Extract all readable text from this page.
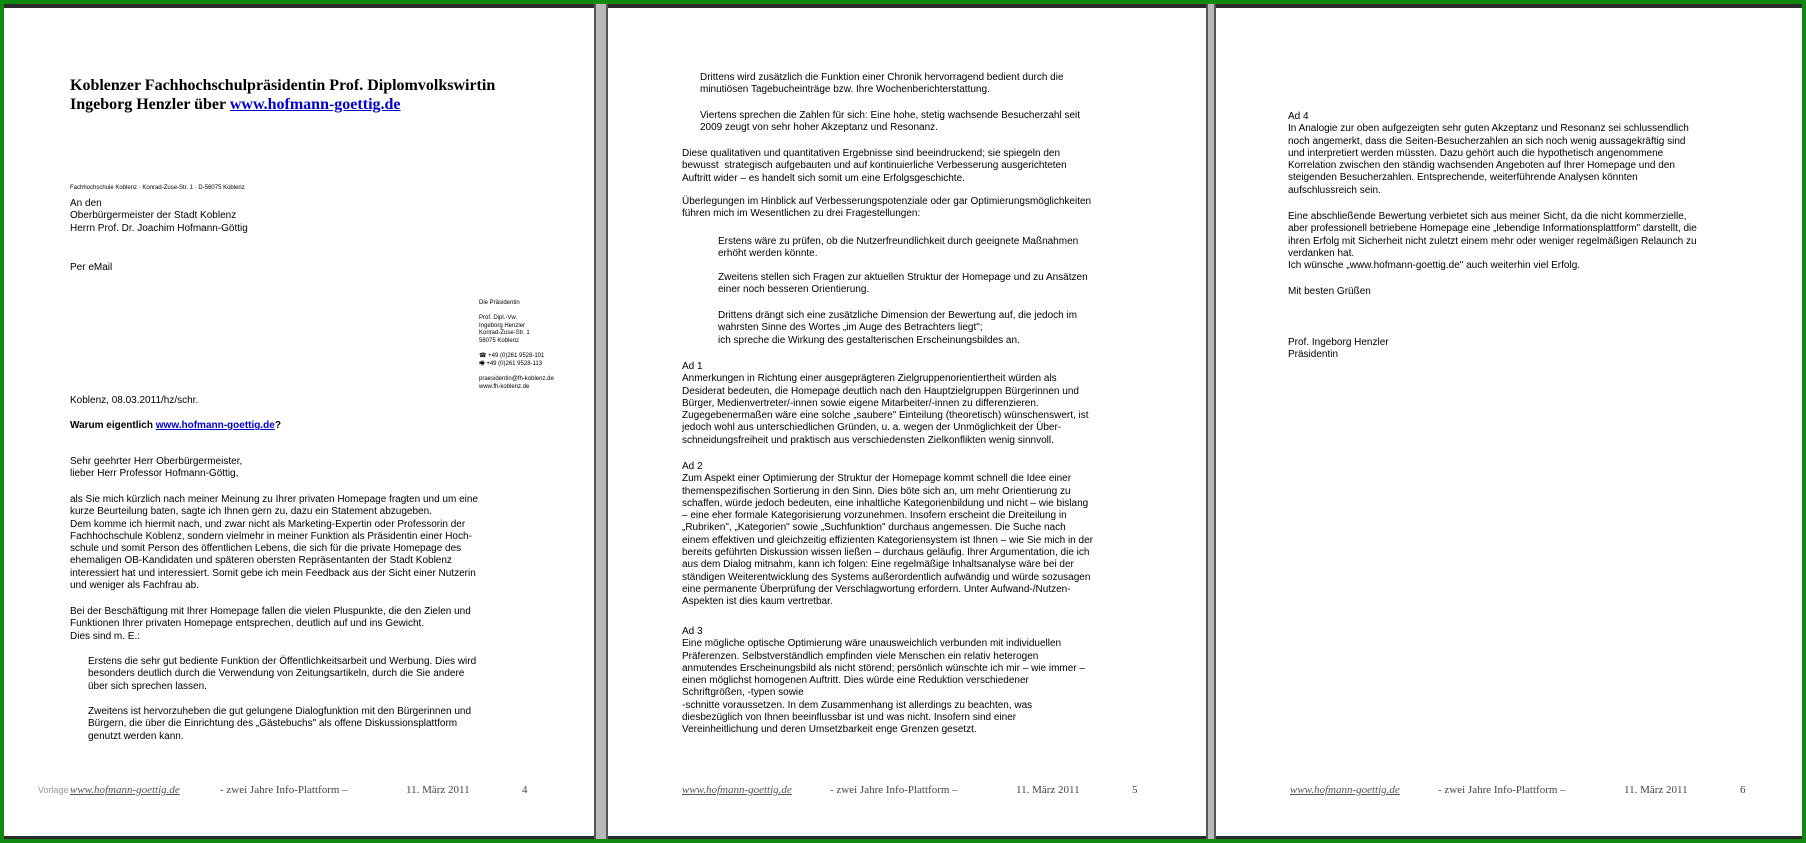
Koblenzer Fachhochschulpräsidentin Prof. Diplomvolkswirtin Ingeborg Henzler über www.hofmann-goettig.de
Fachhochschule Koblenz · Konrad-Zuse-Str. 1 · D-56075 Koblenz
An den
Oberbürgermeister der Stadt Koblenz
Herrn Prof. Dr. Joachim Hofmann-Göttig
Per eMail
Die Präsidentin

Prof. Dipl.-Vw.
Ingeborg Henzler
Konrad-Zuse-Str. 1
56075 Koblenz

☎ +49 (0)261 9528-101
🖷 +49 (0)261 9528-113

praesidentin@fh-koblenz.de
www.fh-koblenz.de
Koblenz, 08.03.2011/hz/schr.
Warum eigentlich www.hofmann-goettig.de?
Sehr geehrter Herr Oberbürgermeister,
lieber Herr Professor Hofmann-Göttig,
als Sie mich kürzlich nach meiner Meinung zu Ihrer privaten Homepage fragten und um eine
kurze Beurteilung baten, sagte ich Ihnen gern zu, dazu ein Statement abzugeben.
Dem komme ich hiermit nach, und zwar nicht als Marketing-Expertin oder Professorin der
Fachhochschule Koblenz, sondern vielmehr in meiner Funktion als Präsidentin einer Hoch-
schule und somit Person des öffentlichen Lebens, die sich für die private Homepage des
ehemaligen OB-Kandidaten und späteren obersten Repräsentanten der Stadt Koblenz
interessiert hat und interessiert. Somit gebe ich mein Feedback aus der Sicht einer Nutzerin
und weniger als Fachfrau ab.
Bei der Beschäftigung mit Ihrer Homepage fallen die vielen Pluspunkte, die den Zielen und
Funktionen Ihrer privaten Homepage entsprechen, deutlich auf und ins Gewicht.
Dies sind m. E.:
Erstens die sehr gut bediente Funktion der Öffentlichkeitsarbeit und Werbung. Dies wird
besonders deutlich durch die Verwendung von Zeitungsartikeln, durch die Sie andere
über sich sprechen lassen.
Zweitens ist hervorzuheben die gut gelungene Dialogfunktion mit den Bürgerinnen und
Bürgern, die über die Einrichtung des „Gästebuchs" als offene Diskussionsplattform
genutzt werden kann.
Vorlage www.hofmann-goettig.de	- zwei Jahre Info-Plattform –	11. März 2011	4
Drittens wird zusätzlich die Funktion einer Chronik hervorragend bedient durch die
minutiösen Tagebucheinträge bzw. Ihre Wochenberichterstattung.
Viertens sprechen die Zahlen für sich: Eine hohe, stetig wachsende Besucherzahl seit
2009 zeugt von sehr hoher Akzeptanz und Resonanz.
Diese qualitativen und quantitativen Ergebnisse sind beeindruckend; sie spiegeln den
bewusst  strategisch aufgebauten und auf kontinuierliche Verbesserung ausgerichteten
Auftritt wider – es handelt sich somit um eine Erfolgsgeschichte.
Überlegungen im Hinblick auf Verbesserungspotenziale oder gar Optimierungsmöglichkeiten
führen mich im Wesentlichen zu drei Fragestellungen:
Erstens wäre zu prüfen, ob die Nutzerfreundlichkeit durch geeignete Maßnahmen
erhöht werden könnte.
Zweitens stellen sich Fragen zur aktuellen Struktur der Homepage und zu Ansätzen
einer noch besseren Orientierung.
Drittens drängt sich eine zusätzliche Dimension der Bewertung auf, die jedoch im
wahrsten Sinne des Wortes „im Auge des Betrachters liegt";
ich spreche die Wirkung des gestalterischen Erscheinungsbildes an.
Ad 1
Anmerkungen in Richtung einer ausgeprägteren Zielgruppenorientiertheit würden als
Desiderat bedeuten, die Homepage deutlich nach den Hauptzielgruppen Bürgerinnen und
Bürger, Medienvertreter/-innen sowie eigene Mitarbeiter/-innen zu differenzieren.
Zugegebenermaßen wäre eine solche „saubere" Einteilung (theoretisch) wünschenswert, ist
jedoch wohl aus unterschiedlichen Gründen, u. a. wegen der Unmöglichkeit der Über-
schneidungsfreiheit und praktisch aus verschiedensten Zielkonflikten wenig sinnvoll.
Ad 2
Zum Aspekt einer Optimierung der Struktur der Homepage kommt schnell die Idee einer
themenspezifischen Sortierung in den Sinn. Dies böte sich an, um mehr Orientierung zu
schaffen, würde jedoch bedeuten, eine inhaltliche Kategorienbildung und nicht – wie bislang
– eine eher formale Kategorisierung vorzunehmen. Insofern erscheint die Dreiteilung in
„Rubriken", „Kategorien" sowie „Suchfunktion" durchaus angemessen. Die Suche nach
einem effektiven und gleichzeitig effizienten Kategoriensystem ist Ihnen – wie Sie mich in der
bereits geführten Diskussion wissen ließen – durchaus geläufig. Ihrer Argumentation, die ich
aus dem Dialog mitnahm, kann ich folgen: Eine regelmäßige Inhaltsanalyse wäre bei der
ständigen Weiterentwicklung des Systems außerordentlich aufwändig und würde sozusagen
eine permanente Überprüfung der Verschlagwortung erfordern. Unter Aufwand-/Nutzen-
Aspekten ist dies kaum vertretbar.
Ad 3
Eine mögliche optische Optimierung wäre unausweichlich verbunden mit individuellen
Präferenzen. Selbstverständlich empfinden viele Menschen ein relativ heterogen
anmutendes Erscheinungsbild als nicht störend; persönlich wünschte ich mir – wie immer –
einen möglichst homogenen Auftritt. Dies würde eine Reduktion verschiedener
Schriftgrößen, -typen sowie
-schnitte voraussetzen. In dem Zusammenhang ist allerdings zu beachten, was
diesbezüglich von Ihnen beeinflussbar ist und was nicht. Insofern sind einer
Vereinheitlichung und deren Umsetzbarkeit enge Grenzen gesetzt.
www.hofmann-goettig.de	- zwei Jahre Info-Plattform –	11. März 2011	5
Ad 4
In Analogie zur oben aufgezeigten sehr guten Akzeptanz und Resonanz sei schlussendlich
noch angemerkt, dass die Seiten-Besucherzahlen an sich noch wenig aussagekräftig sind
und interpretiert werden müssten. Dazu gehört auch die hypothetisch angenommene
Korrelation zwischen den ständig wachsenden Angeboten auf Ihrer Homepage und den
steigenden Besucherzahlen. Entsprechende, weiterführende Analysen könnten
aufschlussreich sein.
Eine abschließende Bewertung verbietet sich aus meiner Sicht, da die nicht kommerzielle,
aber professionell betriebene Homepage eine „lebendige Informationsplattform" darstellt, die
ihren Erfolg mit Sicherheit nicht zuletzt einem mehr oder weniger regelmäßigen Relaunch zu
verdanken hat.
Ich wünsche „www.hofmann-goettig.de" auch weiterhin viel Erfolg.
Mit besten Grüßen
Prof. Ingeborg Henzler
Präsidentin
www.hofmann-goettig.de	- zwei Jahre Info-Plattform –	11. März 2011	6
